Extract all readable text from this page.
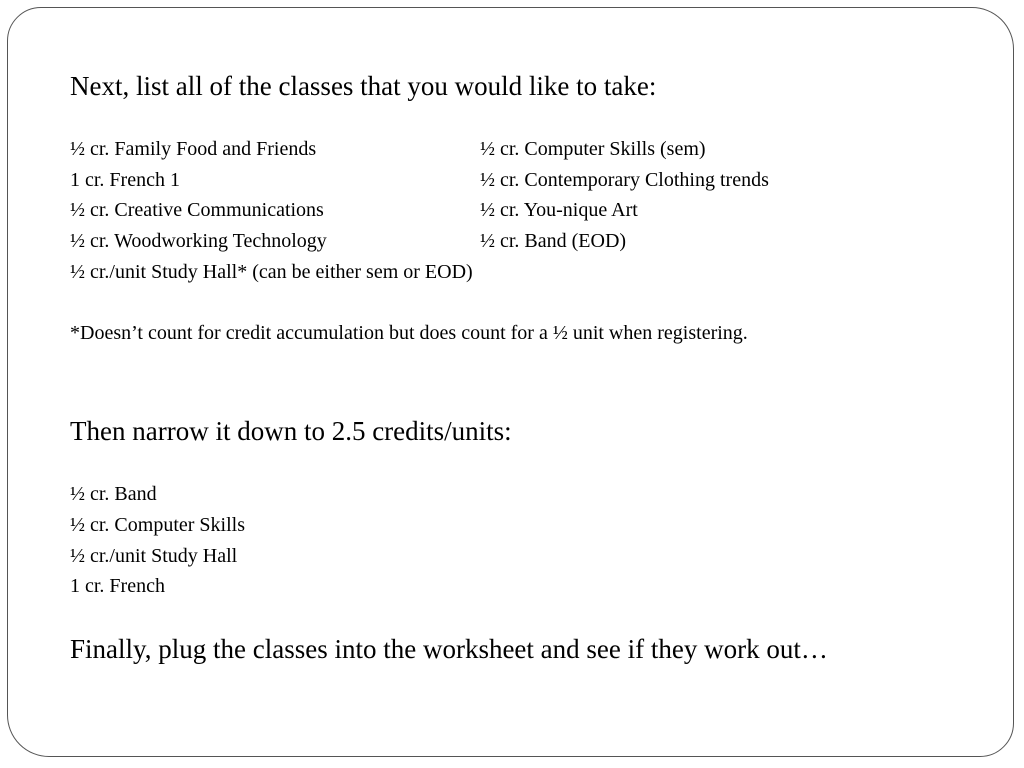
Next, list all of the classes that you would like to take:

½ cr. Family Food and Friends	½ cr. Computer Skills (sem)
1 cr. French 1	½ cr. Contemporary Clothing trends
½ cr. Creative Communications	½ cr. You-nique Art
½ cr. Woodworking Technology	½ cr. Band (EOD)

½ cr./unit Study Hall* (can be either sem or EOD)

*Doesn’t count for credit accumulation but does count for a ½ unit when registering.

Then narrow it down to 2.5 credits/units:

½ cr. Band

½ cr. Computer Skills

½ cr./unit Study Hall

1 cr. French

Finally, plug the classes into the worksheet and see if they work out…
